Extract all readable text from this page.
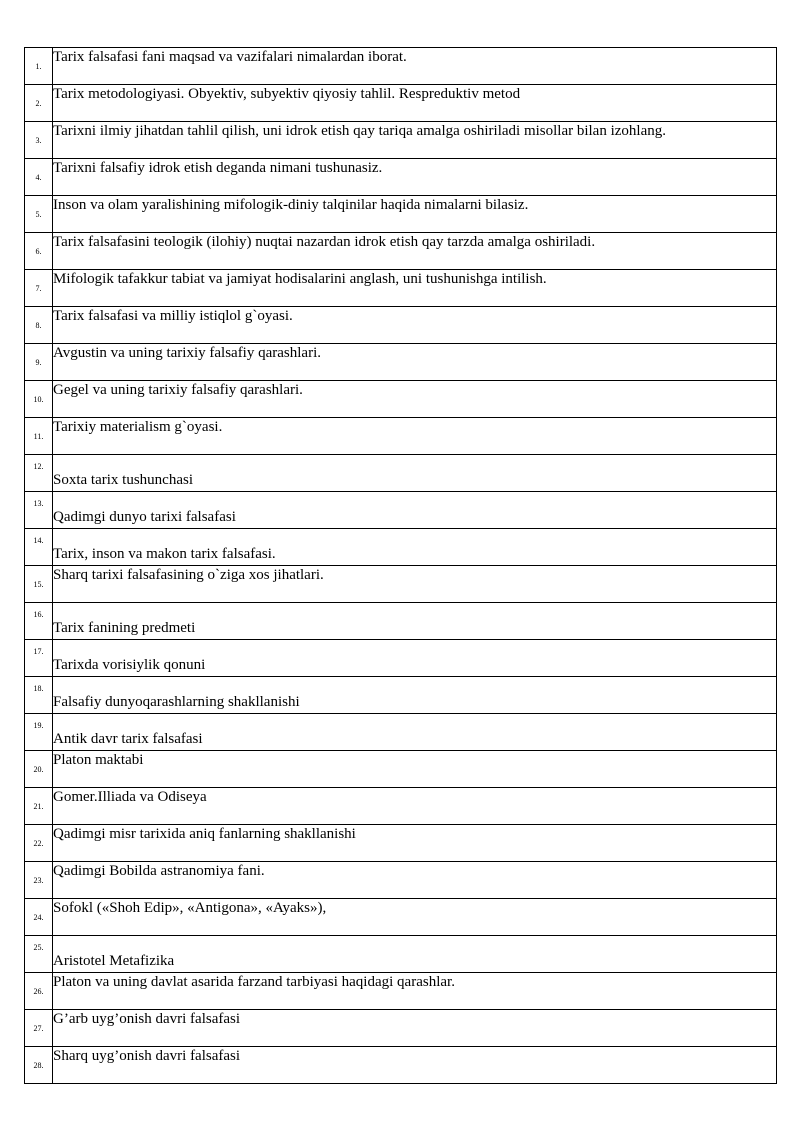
1.	Tarix falsafasi fani maqsad va vazifalari nimalardan iborat.

2.	Tarix metodologiyasi. Obyektiv, subyektiv qiyosiy tahlil. Respreduktiv metod

3.	Tarixni ilmiy jihatdan tahlil qilish, uni idrok etish qay tariqa amalga oshiriladi misollar bilan izohlang.

4.	Tarixni falsafiy idrok etish deganda nimani tushunasiz.

5.	Inson va olam yaralishining mifologik-diniy talqinilar haqida nimalarni bilasiz.

6.	Tarix falsafasini teologik (ilohiy) nuqtai nazardan idrok etish qay tarzda amalga oshiriladi.

7.	Mifologik tafakkur tabiat va jamiyat hodisalarini anglash, uni tushunishga intilish.

8.	Tarix falsafasi va milliy istiqlol g`oyasi.

9.	Avgustin va uning tarixiy falsafiy qarashlari.

10.	Gegel va uning tarixiy falsafiy qarashlari.

11.	Tarixiy materialism g`oyasi.

12.	Soxta tarix tushunchasi

13.	Qadimgi dunyo tarixi falsafasi

14.	Tarix, inson va makon tarix falsafasi.

15.	Sharq tarixi falsafasining o`ziga xos jihatlari.

16.	Tarix fanining predmeti

17.	Tarixda vorisiylik qonuni

18.	Falsafiy dunyoqarashlarning shakllanishi

19.	Antik davr tarix falsafasi

20.	Platon maktabi

21.	Gomer.Illiada va Odiseya

22.	Qadimgi misr tarixida aniq fanlarning shakllanishi

23.	Qadimgi Bobilda astranomiya fani.

24.	Sofokl («Shoh Edip», «Antigona», «Ayaks»),

25.	Aristotel Metafizika

26.	Platon va uning davlat asarida farzand tarbiyasi haqidagi qarashlar.

27.	G’arb uyg’onish davri falsafasi

28.	Sharq uyg’onish davri falsafasi
